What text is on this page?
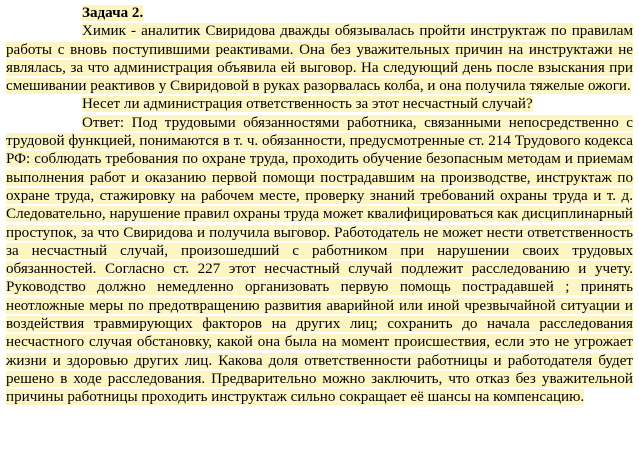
Задача 2.

Химик - аналитик Свиридова дважды обязывалась пройти инструктаж по правилам работы с вновь поступившими реактивами. Она без уважительных причин на инструктажи не являлась, за что администрация объявила ей выговор. На следующий день после взыскания при смешивании реактивов у Свиридовой в руках разорвалась колба, и она получила тяжелые ожоги.

Несет ли администрация ответственность за этот несчастный случай?

Ответ: Под трудовыми обязанностями работника, связанными непосредственно с трудовой функцией, понимаются в т. ч. обязанности, предусмотренные ст. 214 Трудового кодекса РФ: соблюдать требования по охране труда, проходить обучение безопасным методам и приемам выполнения работ и оказанию первой помощи пострадавшим на производстве, инструктаж по охране труда, стажировку на рабочем месте, проверку знаний требований охраны труда и т. д. Следовательно, нарушение правил охраны труда может квалифицироваться как дисциплинарный проступок, за что Свиридова и получила выговор. Работодатель не может нести ответственность за несчастный случай, произошедший с работником при нарушении своих трудовых обязанностей. Согласно ст. 227 этот несчастный случай подлежит расследованию и учету. Руководство должно немедленно организовать первую помощь пострадавшей ; принять неотложные меры по предотвращению развития аварийной или иной чрезвычайной ситуации и воздействия травмирующих факторов на других лиц; сохранить до начала расследования несчастного случая обстановку, какой она была на момент происшествия, если это не угрожает жизни и здоровью других лиц. Какова доля ответственности работницы и работодателя будет решено в ходе расследования. Предварительно можно заключить, что отказ без уважительной причины работницы проходить инструктаж сильно сокращает её шансы на компенсацию.
